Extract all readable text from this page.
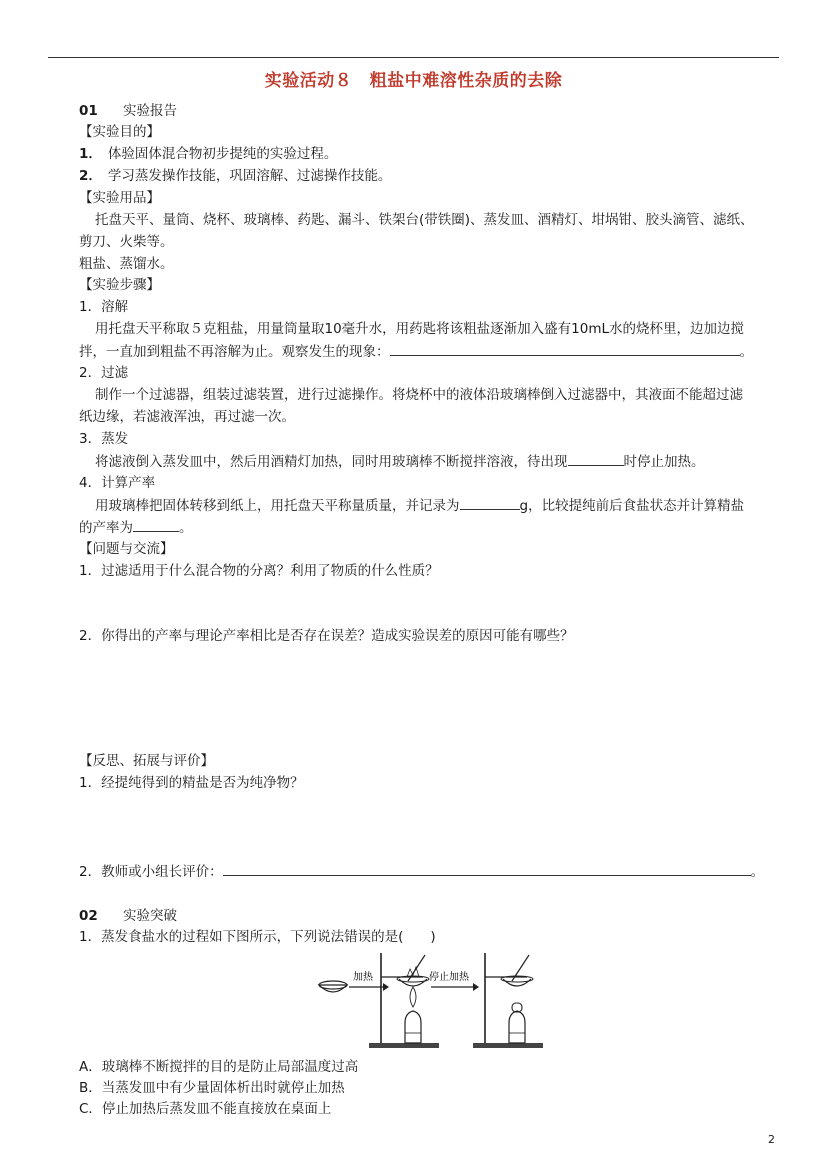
实验活动８　粗盐中难溶性杂质的去除
01 实验报告
【实验目的】
1． 体验固体混合物初步提纯的实验过程。
2． 学习蒸发操作技能，巩固溶解、过滤操作技能。
【实验用品】
托盘天平、量筒、烧杯、玻璃棒、药匙、漏斗、铁架台(带铁圈)、蒸发皿、酒精灯、坩埚钳、胶头滴管、滤纸、
剪刀、火柴等。
粗盐、蒸馏水。
【实验步骤】
1．溶解
用托盘天平称取５克粗盐，用量筒量取10毫升水，用药匙将该粗盐逐渐加入盛有10mL水的烧杯里，边加边搅
拌，一直加到粗盐不再溶解为止。观察发生的现象：	。
2．过滤
制作一个过滤器，组装过滤装置，进行过滤操作。将烧杯中的液体沿玻璃棒倒入过滤器中，其液面不能超过滤
纸边缘，若滤液浑浊，再过滤一次。
3．蒸发
将滤液倒入蒸发皿中，然后用酒精灯加热，同时用玻璃棒不断搅拌溶液，待出现	时停止加热。
4．计算产率
用玻璃棒把固体转移到纸上，用托盘天平称量质量，并记录为	g，比较提纯前后食盐状态并计算精盐
的产率为	。
【问题与交流】
1．过滤适用于什么混合物的分离？利用了物质的什么性质？
2．你得出的产率与理论产率相比是否存在误差？造成实验误差的原因可能有哪些？
【反思、拓展与评价】
1．经提纯得到的精盐是否为纯净物？
2．教师或小组长评价：	。
02 实验突破
1．蒸发食盐水的过程如下图所示，下列说法错误的是(　　)
加热	停止加热
A．玻璃棒不断搅拌的目的是防止局部温度过高
B．当蒸发皿中有少量固体析出时就停止加热
C．停止加热后蒸发皿不能直接放在桌面上
2
